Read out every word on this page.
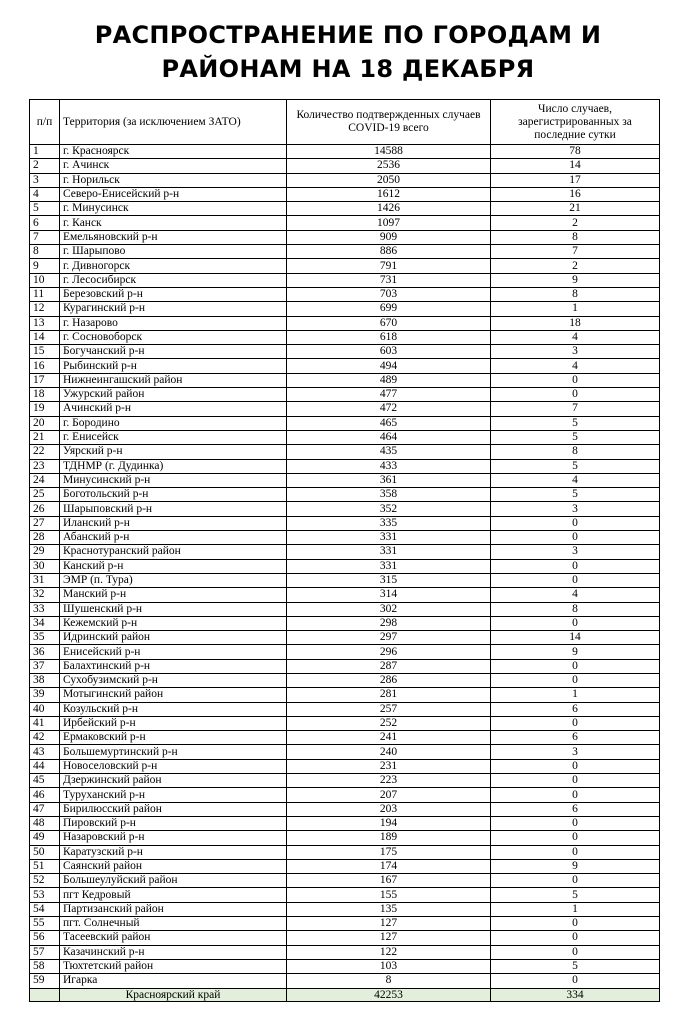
РАСПРОСТРАНЕНИЕ ПО ГОРОДАМ И
РАЙОНАМ НА 18 ДЕКАБРЯ
п/п	Территория (за исключением ЗАТО)	Количество подтвержденных случаев COVID-19 всего	Число случаев, зарегистрированных за последние сутки
1	г. Красноярск	14588	78
2	г. Ачинск	2536	14
3	г. Норильск	2050	17
4	Северо-Енисейский р-н	1612	16
5	г. Минусинск	1426	21
6	г. Канск	1097	2
7	Емельяновский р-н	909	8
8	г. Шарыпово	886	7
9	г. Дивногорск	791	2
10	г. Лесосибирск	731	9
11	Березовский р-н	703	8
12	Курагинский р-н	699	1
13	г. Назарово	670	18
14	г. Сосновоборск	618	4
15	Богучанский р-н	603	3
16	Рыбинский р-н	494	4
17	Нижнеингашский район	489	0
18	Ужурский район	477	0
19	Ачинский р-н	472	7
20	г. Бородино	465	5
21	г. Енисейск	464	5
22	Уярский р-н	435	8
23	ТДНМР (г. Дудинка)	433	5
24	Минусинский р-н	361	4
25	Боготольский р-н	358	5
26	Шарыповский р-н	352	3
27	Иланский р-н	335	0
28	Абанский р-н	331	0
29	Краснотуранский район	331	3
30	Канский р-н	331	0
31	ЭМР (п. Тура)	315	0
32	Манский р-н	314	4
33	Шушенский р-н	302	8
34	Кежемский р-н	298	0
35	Идринский район	297	14
36	Енисейский р-н	296	9
37	Балахтинский р-н	287	0
38	Сухобузимский р-н	286	0
39	Мотыгинский район	281	1
40	Козульский р-н	257	6
41	Ирбейский р-н	252	0
42	Ермаковский р-н	241	6
43	Большемуртинский р-н	240	3
44	Новоселовский р-н	231	0
45	Дзержинский район	223	0
46	Туруханский р-н	207	0
47	Бирилюсский район	203	6
48	Пировский р-н	194	0
49	Назаровский р-н	189	0
50	Каратузский р-н	175	0
51	Саянский район	174	9
52	Большеулуйский район	167	0
53	пгт Кедровый	155	5
54	Партизанский район	135	1
55	пгт. Солнечный	127	0
56	Тасеевский район	127	0
57	Казачинский р-н	122	0
58	Тюхтетский район	103	5
59	Игарка	8	0
	Красноярский край	42253	334
